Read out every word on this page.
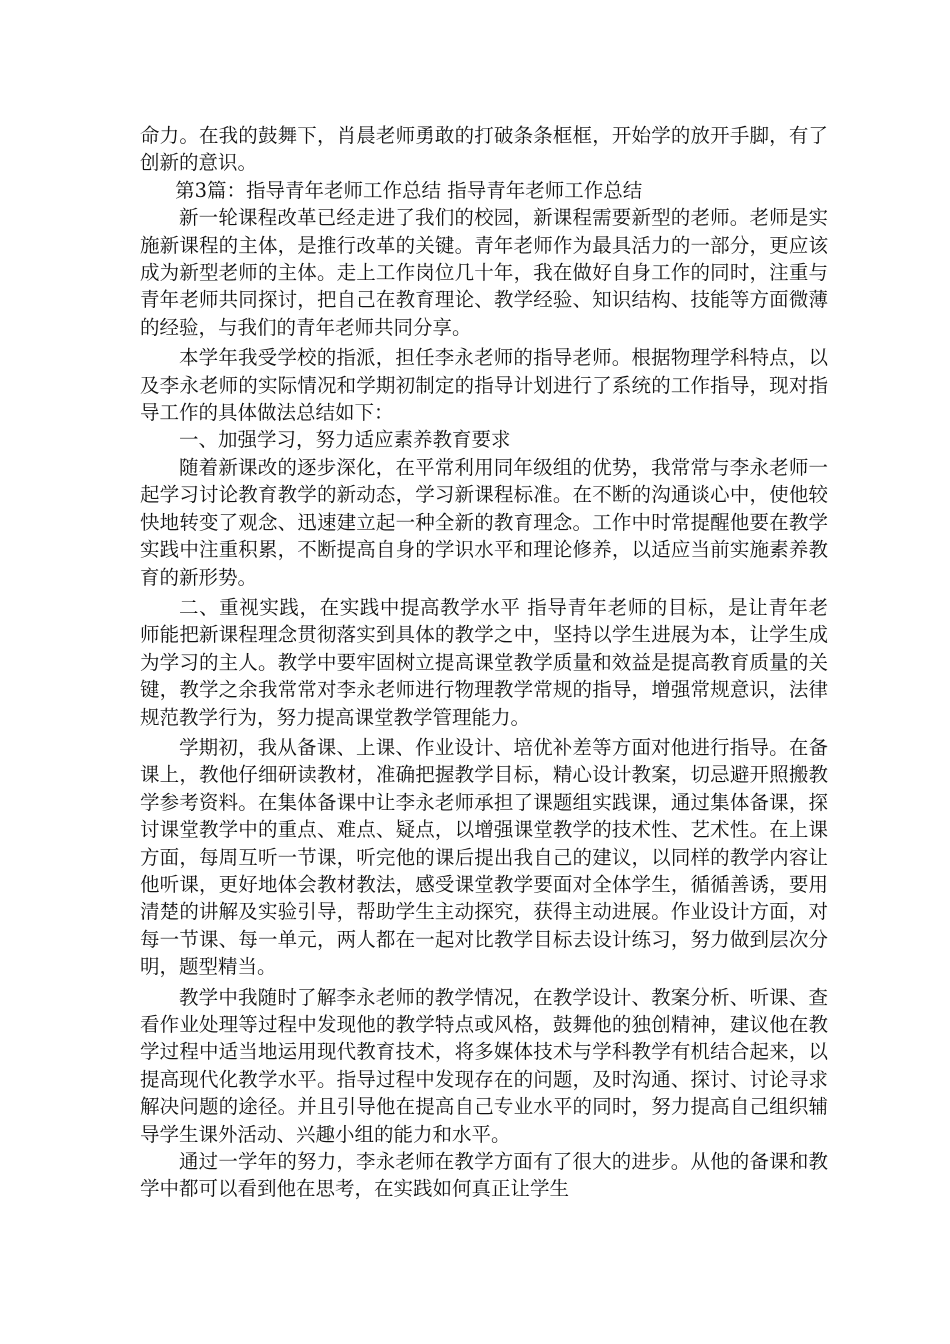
命力。在我的鼓舞下，肖晨老师勇敢的打破条条框框，开始学的放开手脚，有了创新的意识。

第3篇：指导青年老师工作总结 指导青年老师工作总结

新一轮课程改革已经走进了我们的校园，新课程需要新型的老师。老师是实施新课程的主体，是推行改革的关键。青年老师作为最具活力的一部分，更应该成为新型老师的主体。走上工作岗位几十年，我在做好自身工作的同时，注重与青年老师共同探讨，把自己在教育理论、教学经验、知识结构、技能等方面微薄的经验，与我们的青年老师共同分享。

本学年我受学校的指派，担任李永老师的指导老师。根据物理学科特点，以及李永老师的实际情况和学期初制定的指导计划进行了系统的工作指导，现对指导工作的具体做法总结如下：

一、加强学习，努力适应素养教育要求

随着新课改的逐步深化，在平常利用同年级组的优势，我常常与李永老师一起学习讨论教育教学的新动态，学习新课程标准。在不断的沟通谈心中，使他较快地转变了观念、迅速建立起一种全新的教育理念。工作中时常提醒他要在教学实践中注重积累，不断提高自身的学识水平和理论修养，以适应当前实施素养教育的新形势。

二、重视实践，在实践中提高教学水平 指导青年老师的目标，是让青年老师能把新课程理念贯彻落实到具体的教学之中，坚持以学生进展为本，让学生成为学习的主人。教学中要牢固树立提高课堂教学质量和效益是提高教育质量的关键，教学之余我常常对李永老师进行物理教学常规的指导，增强常规意识，法律规范教学行为，努力提高课堂教学管理能力。

学期初，我从备课、上课、作业设计、培优补差等方面对他进行指导。在备课上，教他仔细研读教材，准确把握教学目标，精心设计教案，切忌避开照搬教学参考资料。在集体备课中让李永老师承担了课题组实践课，通过集体备课，探讨课堂教学中的重点、难点、疑点，以增强课堂教学的技术性、艺术性。在上课方面，每周互听一节课，听完他的课后提出我自己的建议，以同样的教学内容让他听课，更好地体会教材教法，感受课堂教学要面对全体学生，循循善诱，要用清楚的讲解及实验引导，帮助学生主动探究，获得主动进展。作业设计方面，对每一节课、每一单元，两人都在一起对比教学目标去设计练习，努力做到层次分明，题型精当。

教学中我随时了解李永老师的教学情况，在教学设计、教案分析、听课、查看作业处理等过程中发现他的教学特点或风格，鼓舞他的独创精神，建议他在教学过程中适当地运用现代教育技术，将多媒体技术与学科教学有机结合起来，以提高现代化教学水平。指导过程中发现存在的问题，及时沟通、探讨、讨论寻求解决问题的途径。并且引导他在提高自己专业水平的同时，努力提高自己组织辅导学生课外活动、兴趣小组的能力和水平。

通过一学年的努力，李永老师在教学方面有了很大的进步。从他的备课和教学中都可以看到他在思考，在实践如何真正让学生
